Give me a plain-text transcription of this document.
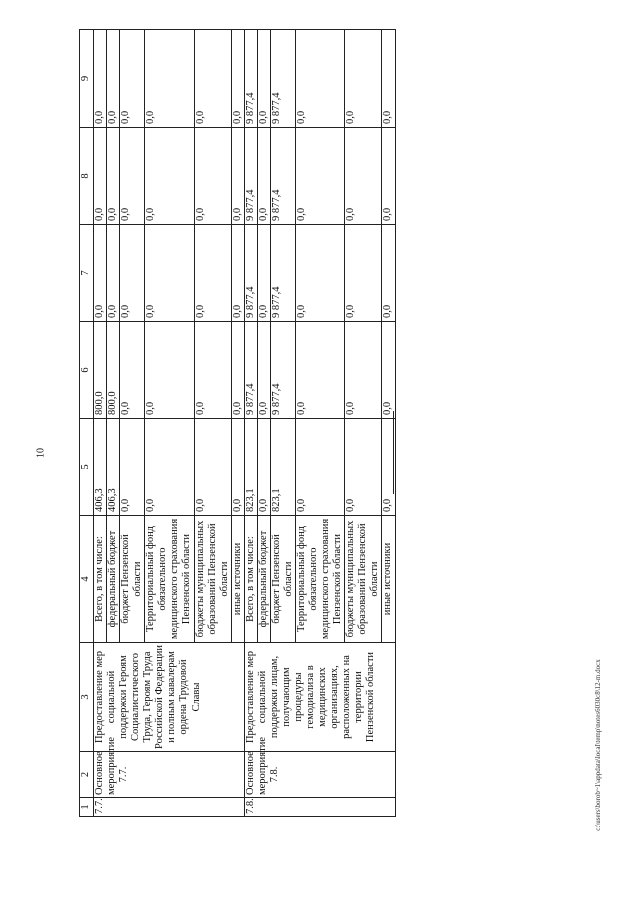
10
c:\users\borob~1\appdata\local\temp\notes6030c8\12-m.docx
1	2	3	4	5	6	7	8	9
7.7.	Основное мероприятие 7.7.	Предоставление мер социальной поддержки Героям Социалистического Труда, Героям Труда Российской Федерации и полным кавалерам ордена Трудовой Славы	Всего, в том числе:	406,3	800,0	0,0	0,0	0,0
			федеральный бюджет	406,3	800,0	0,0	0,0	0,0
			бюджет Пензенской области	0,0	0,0	0,0	0,0	0,0
			Территориальный фонд обязательного медицинского страхования Пензенской области	0,0	0,0	0,0	0,0	0,0
			бюджеты муниципальных образований Пензенской области	0,0	0,0	0,0	0,0	0,0
			иные источники	0,0	0,0	0,0	0,0	0,0
7.8.	Основное мероприятие 7.8.	Предоставление мер социальной поддержки лицам, получающим процедуры гемодиализа в медицинских организациях, расположенных на территории Пензенской области	Всего, в том числе:	823,1	9 877,4	9 877,4	9 877,4	9 877,4
			федеральный бюджет	0,0	0,0	0,0	0,0	0,0
			бюджет Пензенской области	823,1	9 877,4	9 877,4	9 877,4	9 877,4
			Территориальный фонд обязательного медицинского страхования Пензенской области	0,0	0,0	0,0	0,0	0,0
			бюджеты муниципальных образований Пензенской области	0,0	0,0	0,0	0,0	0,0
			иные источники	0,0	0,0	0,0	0,0	0,0
